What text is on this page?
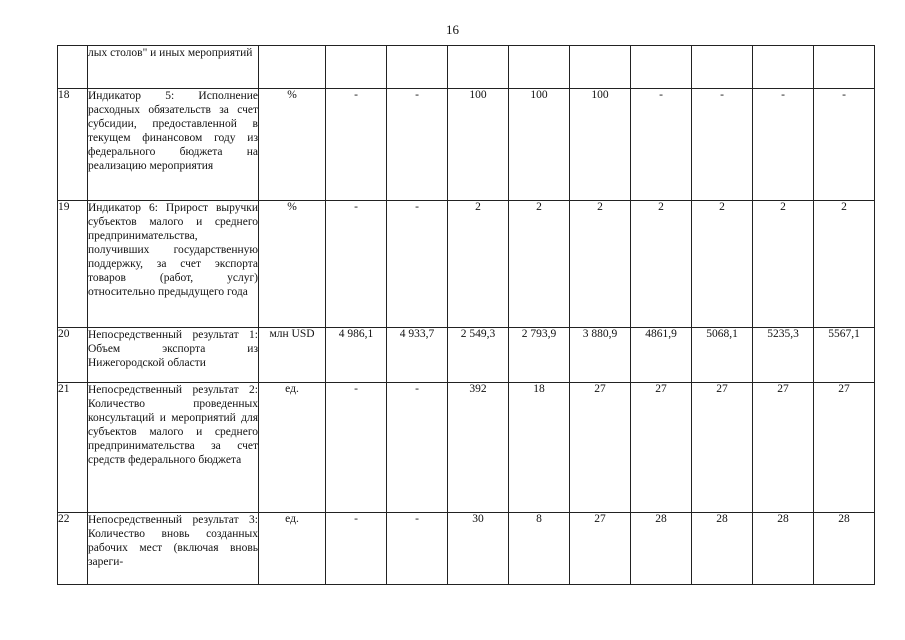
16
	лых столов" и иных мероприятий										
18	Индикатор 5: Исполнение расходных обязательств за счет субсидии, предоставленной в текущем финансовом году из федерального бюджета на реализацию мероприятия	%	-	-	100	100	100	-	-	-	-
19	Индикатор 6: Прирост выручки субъектов малого и среднего предпринимательства, получивших государственную поддержку, за счет экспорта товаров (работ, услуг) относительно предыдущего года	%	-	-	2	2	2	2	2	2	2
20	Непосредственный результат 1: Объем экспорта из Нижегородской области	млн USD	4 986,1	4 933,7	2 549,3	2 793,9	3 880,9	4861,9	5068,1	5235,3	5567,1
21	Непосредственный результат 2: Количество проведенных консультаций и мероприятий для субъектов малого и среднего предпринимательства за счет средств федерального бюджета	ед.	-	-	392	18	27	27	27	27	27
22	Непосредственный результат 3: Количество вновь созданных рабочих мест (включая вновь зареги-	ед.	-	-	30	8	27	28	28	28	28
